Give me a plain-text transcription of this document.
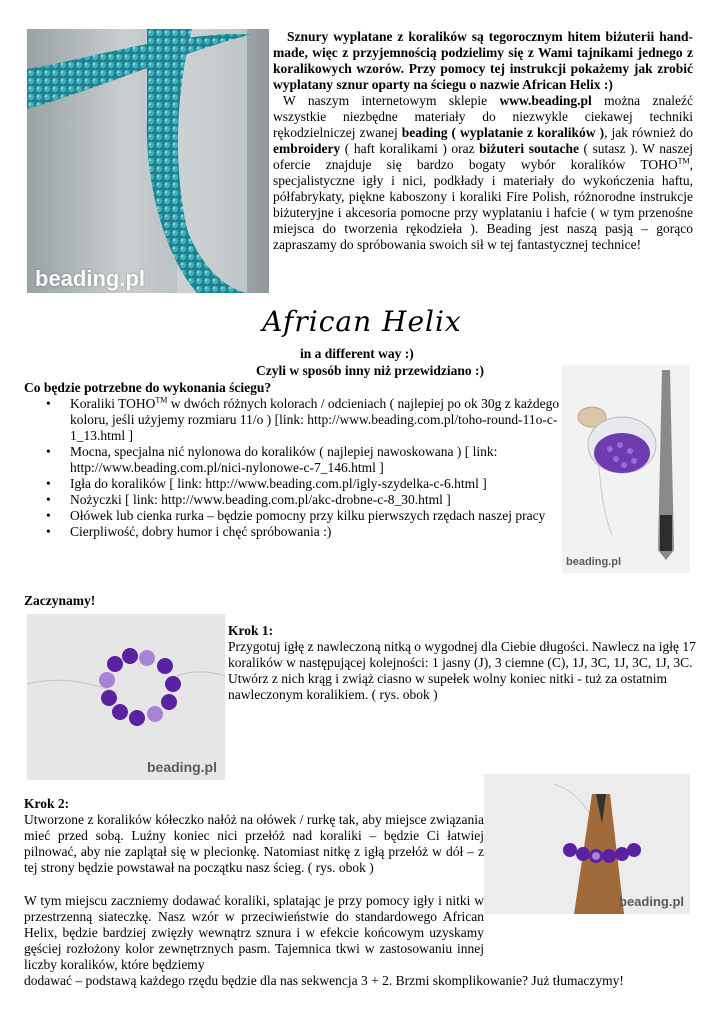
beading.pl

Sznury wyplatane z koralików są tegorocznym hitem biżuterii hand- made, więc z przyjemnością podzielimy się z Wami tajnikami jednego z koralikowych wzorów. Przy pomocy tej instrukcji pokażemy jak zrobić wyplatany sznur oparty na ściegu o nazwie African Helix :)

W naszym internetowym sklepie www.beading.pl można znaleźć wszystkie niezbędne materiały do niezwykle ciekawej techniki rękodzielniczej zwanej beading ( wyplatanie z koralików ), jak również do embroidery ( haft koralikami ) oraz biżuteri soutache ( sutasz ). W naszej ofercie znajduje się bardzo bogaty wybór koralików TOHO™, specjalistyczne igły i nici, podkłady i materiały do wykończenia haftu, półfabrykaty, piękne kaboszony i koraliki Fire Polish, różnorodne instrukcje biżuteryjne i akcesoria pomocne przy wyplataniu i hafcie ( w tym przenośne miejsca do tworzenia rękodzieła ). Beading jest naszą pasją – gorąco zapraszamy do spróbowania swoich sił w tej fantastycznej technice!

African Helix
in a different way :)
Czyli w sposób inny niż przewidziano :)
beading.pl
Co będzie potrzebne do wykonania ściegu?
• Koraliki TOHO™ w dwóch różnych kolorach / odcieniach ( najlepiej po ok 30g z każdego koloru, jeśli użyjemy rozmiaru 11/o ) [link: http://www.beading.com.pl/toho-round-11o-c-1_13.html ]
• Mocna, specjalna nić nylonowa do koralików ( najlepiej nawoskowana ) [ link: http://www.beading.com.pl/nici-nylonowe-c-7_146.html ]
• Igła do koralików [ link: http://www.beading.com.pl/igly-szydelka-c-6.html ]
• Nożyczki [ link: http://www.beading.com.pl/akc-drobne-c-8_30.html ]
• Ołówek lub cienka rurka – będzie pomocny przy kilku pierwszych rzędach naszej pracy
• Cierpliwość, dobry humor i chęć spróbowania :)
Zaczynamy!
beading.pl
Krok 1:

Przygotuj igłę z nawleczoną nitką o wygodnej dla Ciebie długości. Nawlecz na igłę 17 koralików w następującej kolejności: 1 jasny (J), 3 ciemne (C), 1J, 3C, 1J, 3C, 1J, 3C. Utwórz z nich krąg i zwiąż ciasno w supełek wolny koniec nitki - tuż za ostatnim nawleczonym koralikiem. ( rys. obok )

beading.pl
Krok 2:

Utworzone z koralików kółeczko nałóż na ołówek / rurkę tak, aby miejsce związania mieć przed sobą. Luźny koniec nici przełóż nad koraliki – będzie Ci łatwiej pilnować, aby nie zaplątał się w plecionkę. Natomiast nitkę z igłą przełóż w dół – z tej strony będzie powstawał na początku nasz ścieg. ( rys. obok )

W tym miejscu zaczniemy dodawać koraliki, splatając je przy pomocy igły i nitki w przestrzenną siateczkę. Nasz wzór w przeciwieństwie do standardowego African Helix, będzie bardziej zwięzły wewnątrz sznura i w efekcie końcowym uzyskamy gęściej rozłożony kolor zewnętrznych pasm. Tajemnica tkwi w zastosowaniu innej liczby koralików, które będziemy

dodawać – podstawą każdego rzędu będzie dla nas sekwencja 3 + 2. Brzmi skomplikowanie? Już tłumaczymy!
